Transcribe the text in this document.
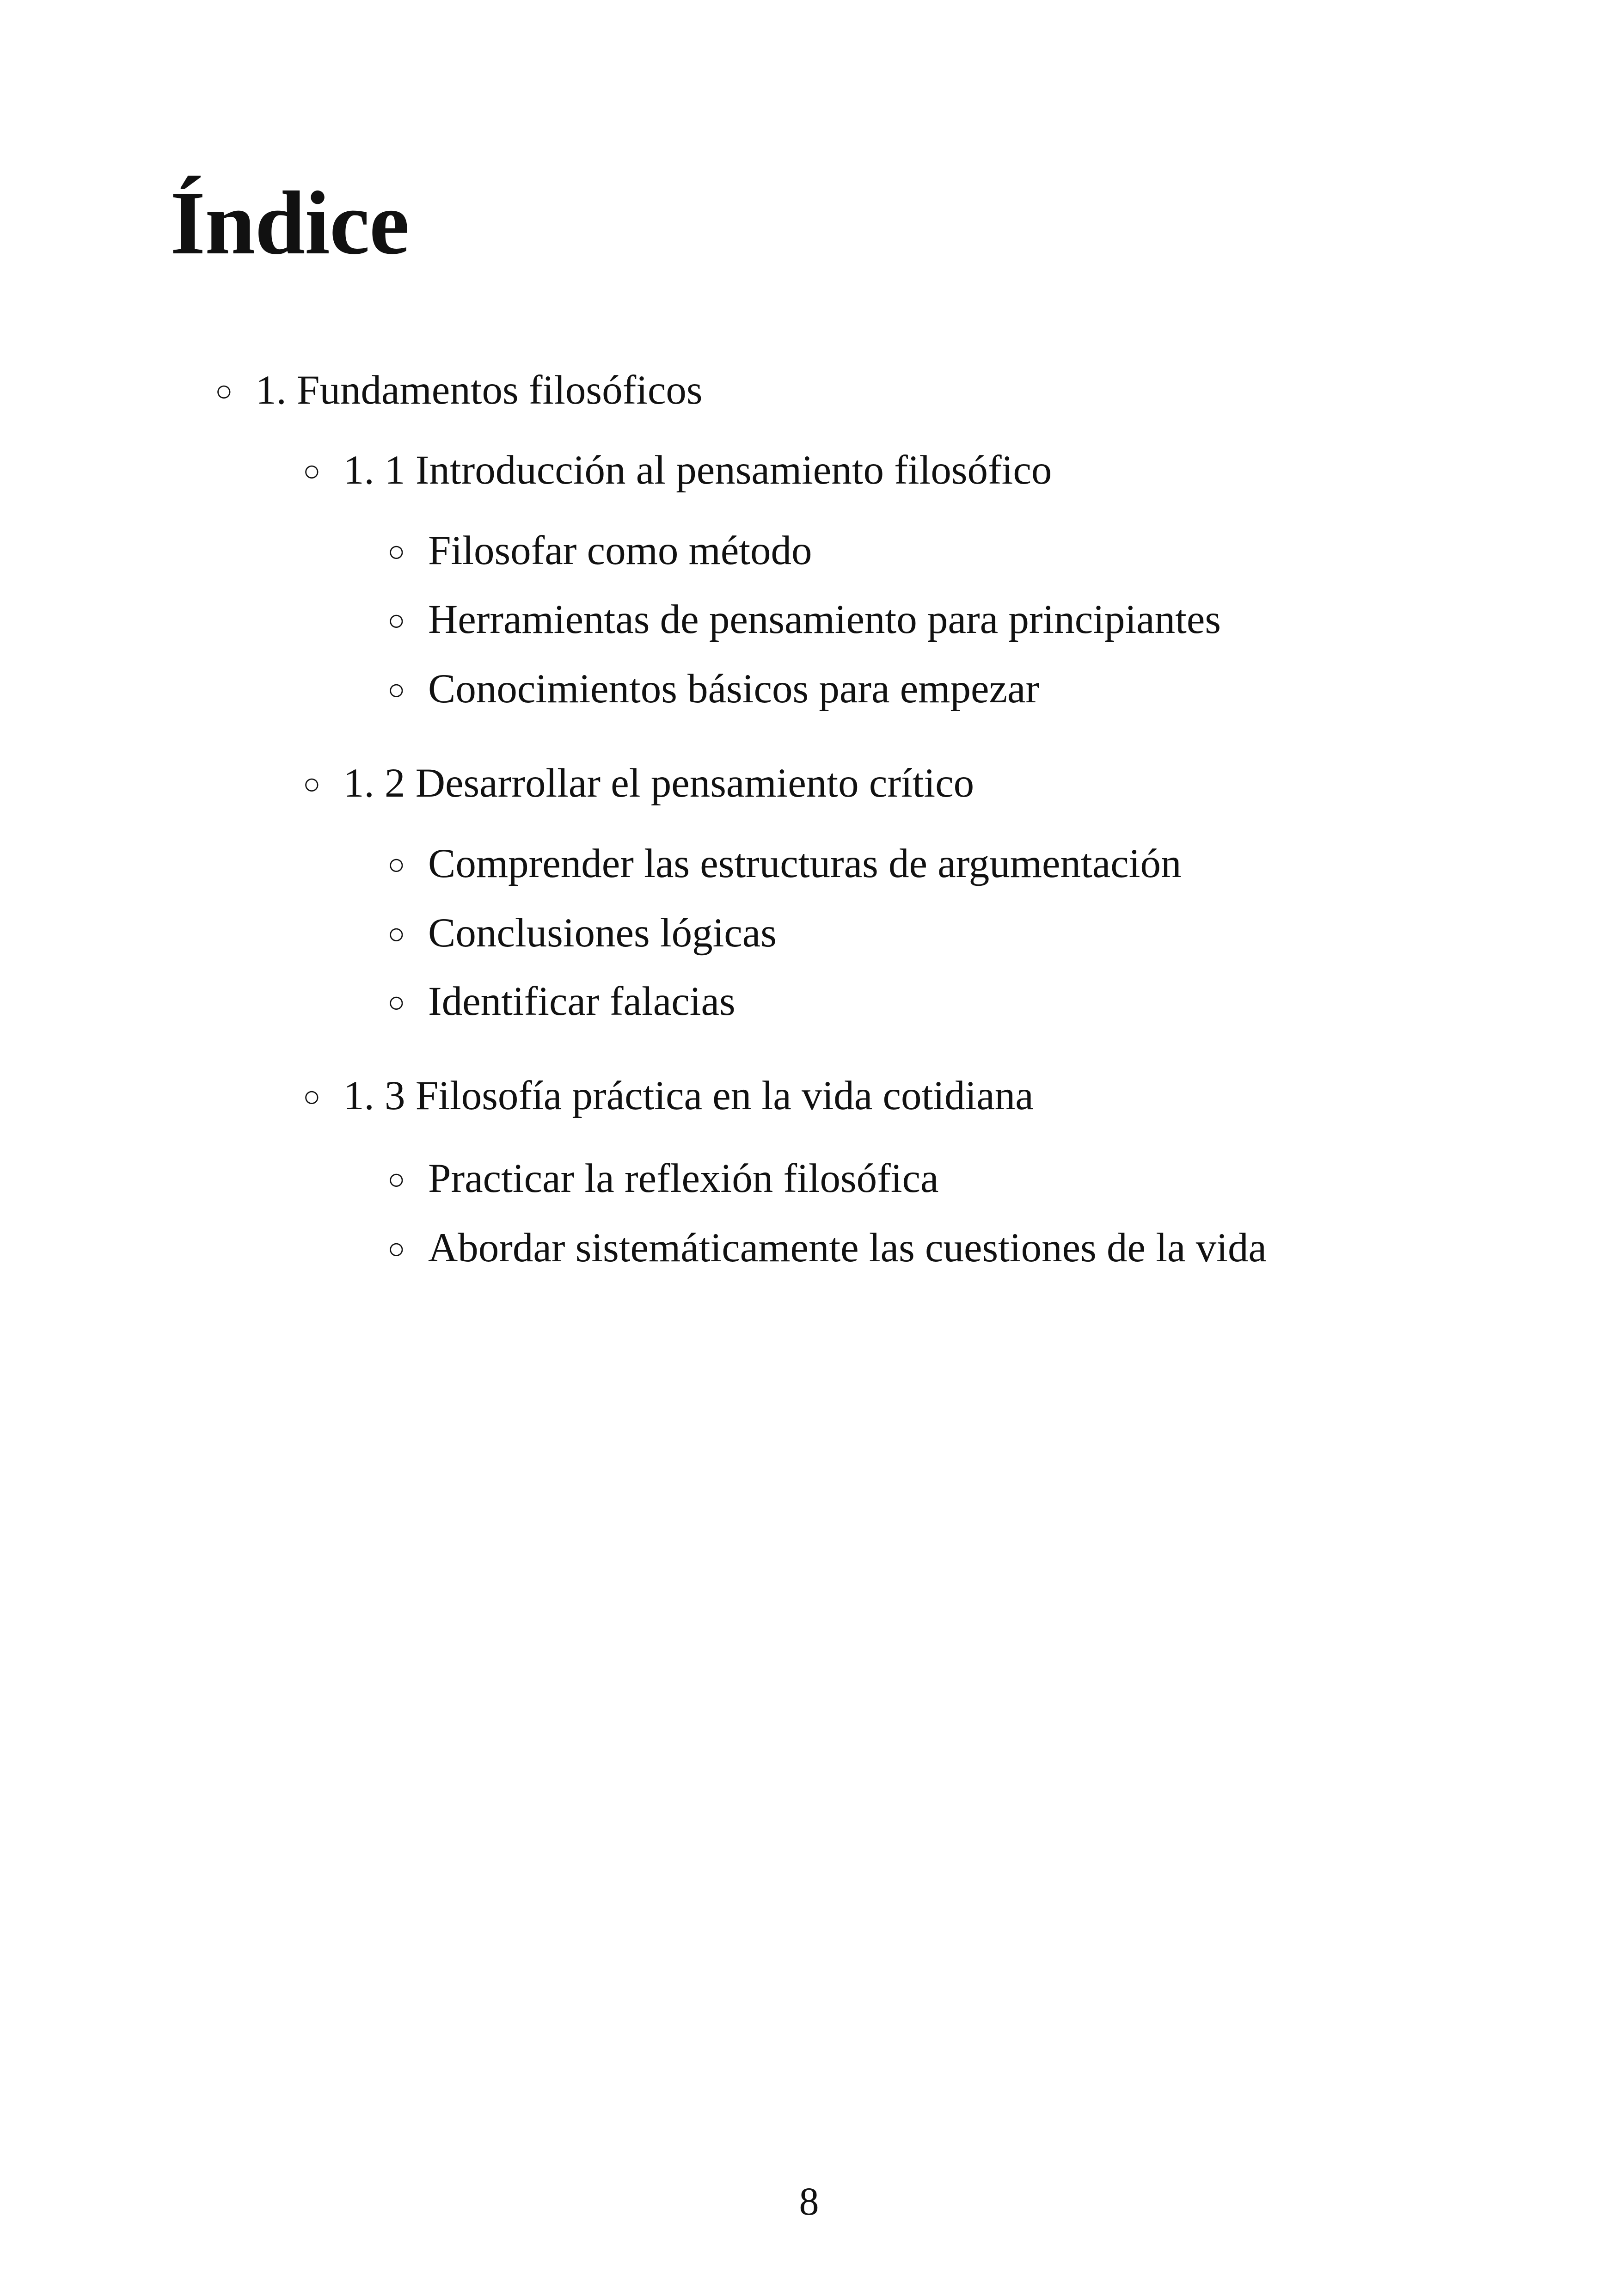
Índice
○ 1. Fundamentos filosóficos
○ 1. 1 Introducción al pensamiento filosófico
○ Filosofar como método
○ Herramientas de pensamiento para principiantes
○ Conocimientos básicos para empezar
○ 1. 2 Desarrollar el pensamiento crítico
○ Comprender las estructuras de argumentación
○ Conclusiones lógicas
○ Identificar falacias
○ 1. 3 Filosofía práctica en la vida cotidiana
○ Practicar la reflexión filosófica
○ Abordar sistemáticamente las cuestiones de la vida
8
